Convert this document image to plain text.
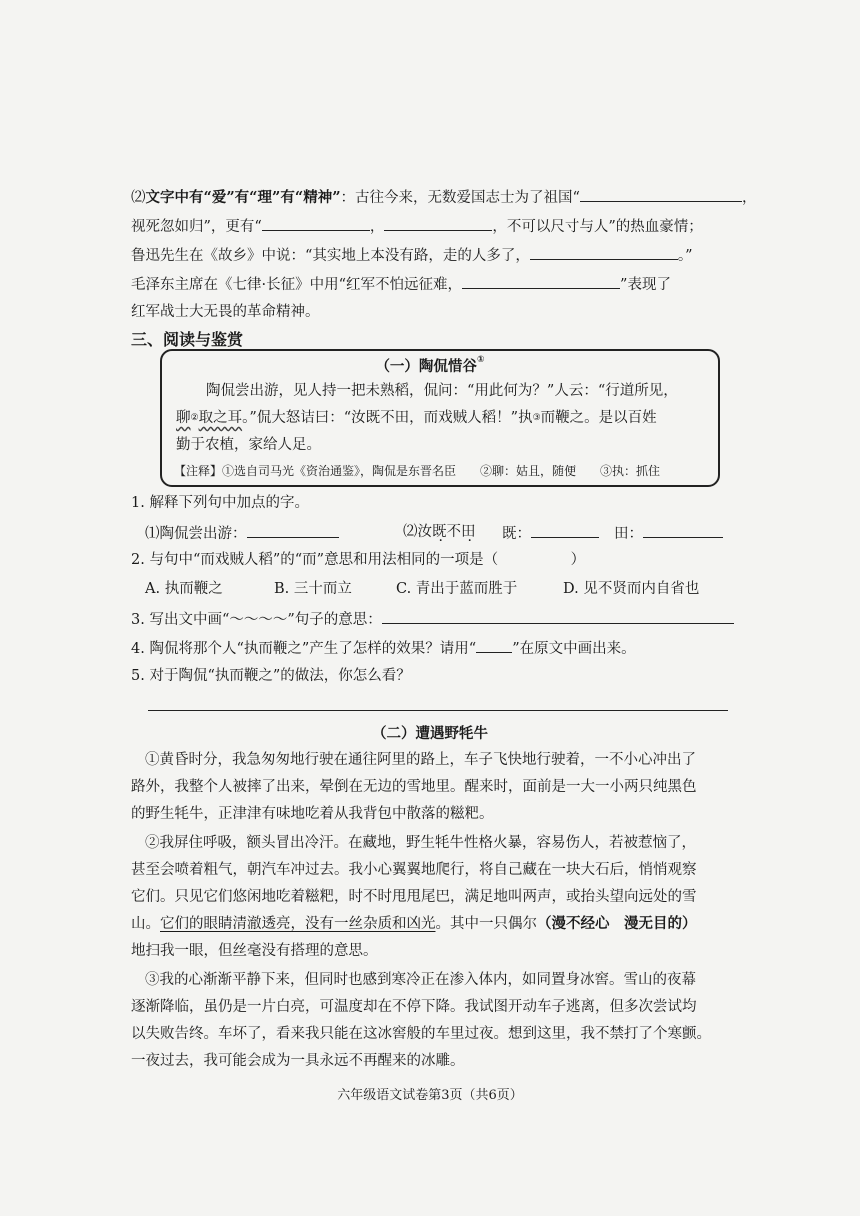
⑵文字中有“爱”有“理”有“精神”：古往今来，无数爱国志士为了祖国“	，
视死忽如归”，更有“	，	，不可以尺寸与人”的热血豪情；
鲁迅先生在《故乡》中说：“其实地上本没有路，走的人多了，	。”
毛泽东主席在《七律·长征》中用“红军不怕远征难，	”表现了
红军战士大无畏的革命精神。
三、阅读与鉴赏
（一）陶侃惜谷①
陶侃尝出游，见人持一把未熟稻，侃问：“用此何为？”人云：“行道所见，
聊②取之耳。”侃大怒诘曰：“汝既不田，而戏贼人稻！”执③而鞭之。是以百姓
勤于农植，家给人足。
【注释】①选自司马光《资治通鉴》，陶侃是东晋名臣　　②聊：姑且，随便　　③执：抓住
1. 解释下列句中加点的字。
⑴陶侃尝出游：	⑵汝既不田 既：	田：
2. 与句中“而戏贼人稻”的“而”意思和用法相同的一项是（　　　　　）
A. 执而鞭之	B. 三十而立	C. 青出于蓝而胜于	D. 见不贤而内自省也
3. 写出文中画“～～～～”句子的意思：
4. 陶侃将那个人“执而鞭之”产生了怎样的效果？请用“ ”在原文中画出来。
5. 对于陶侃“执而鞭之”的做法，你怎么看？
（二）遭遇野牦牛
①黄昏时分，我急匆匆地行驶在通往阿里的路上，车子飞快地行驶着，一不小心冲出了
路外，我整个人被摔了出来，晕倒在无边的雪地里。醒来时，面前是一大一小两只纯黑色
的野生牦牛，正津津有味地吃着从我背包中散落的糍粑。
②我屏住呼吸，额头冒出冷汗。在藏地，野生牦牛性格火暴，容易伤人，若被惹恼了，
甚至会喷着粗气，朝汽车冲过去。我小心翼翼地爬行，将自己藏在一块大石后，悄悄观察
它们。只见它们悠闲地吃着糍粑，时不时甩甩尾巴，满足地叫两声，或抬头望向远处的雪
山。它们的眼睛清澈透亮，没有一丝杂质和凶光。其中一只偶尔（漫不经心　漫无目的）
地扫我一眼，但丝毫没有搭理的意思。
③我的心渐渐平静下来，但同时也感到寒冷正在渗入体内，如同置身冰窖。雪山的夜幕
逐渐降临，虽仍是一片白亮，可温度却在不停下降。我试图开动车子逃离，但多次尝试均
以失败告终。车坏了，看来我只能在这冰窖般的车里过夜。想到这里，我不禁打了个寒颤。
一夜过去，我可能会成为一具永远不再醒来的冰雕。
六年级语文试卷第3页（共6页）
